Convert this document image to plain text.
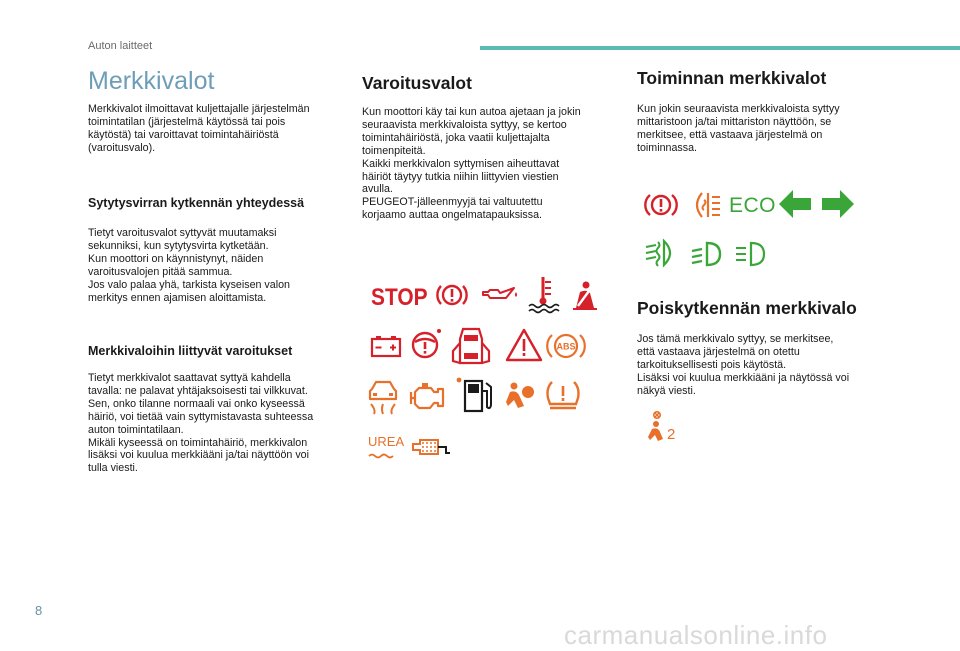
Auton laitteet
Merkkivalot
Merkkivalot ilmoittavat kuljettajalle järjestelmän
toimintatilan (järjestelmä käytössä tai pois
käytöstä) tai varoittavat toimintahäiriöstä
(varoitusvalo).
Sytytysvirran kytkennän yhteydessä
Tietyt varoitusvalot syttyvät muutamaksi
sekunniksi, kun sytytysvirta kytketään.
Kun moottori on käynnistynyt, näiden
varoitusvalojen pitää sammua.
Jos valo palaa yhä, tarkista kyseisen valon
merkitys ennen ajamisen aloittamista.
Merkkivaloihin liittyvät varoitukset
Tietyt merkkivalot saattavat syttyä kahdella
tavalla: ne palavat yhtäjaksoisesti tai vilkkuvat.
Sen, onko tilanne normaali vai onko kyseessä
häiriö, voi tietää vain syttymistavasta suhteessa
auton toimintatilaan.
Mikäli kyseessä on toimintahäiriö, merkkivalon
lisäksi voi kuulua merkkiääni ja/tai näyttöön voi
tulla viesti.
Varoitusvalot
Kun moottori käy tai kun autoa ajetaan ja jokin
seuraavista merkkivaloista syttyy, se kertoo
toimintahäiriöstä, joka vaatii kuljettajalta
toimenpiteitä.
Kaikki merkkivalon syttymisen aiheuttavat
häiriöt täytyy tutkia niihin liittyvien viestien
avulla.
PEUGEOT-jälleenmyyjä tai valtuutettu
korjaamo auttaa ongelmatapauksissa.
STOP
ABS
UREA
Toiminnan merkkivalot
Kun jokin seuraavista merkkivaloista syttyy
mittaristoon ja/tai mittariston näyttöön, se
merkitsee, että vastaava järjestelmä on
toiminnassa.
ECO
Poiskytkennän merkkivalo
Jos tämä merkkivalo syttyy, se merkitsee,
että vastaava järjestelmä on otettu
tarkoituksellisesti pois käytöstä.
Lisäksi voi kuulua merkkiääni ja näytössä voi
näkyä viesti.
2
8
carmanualsonline.info
